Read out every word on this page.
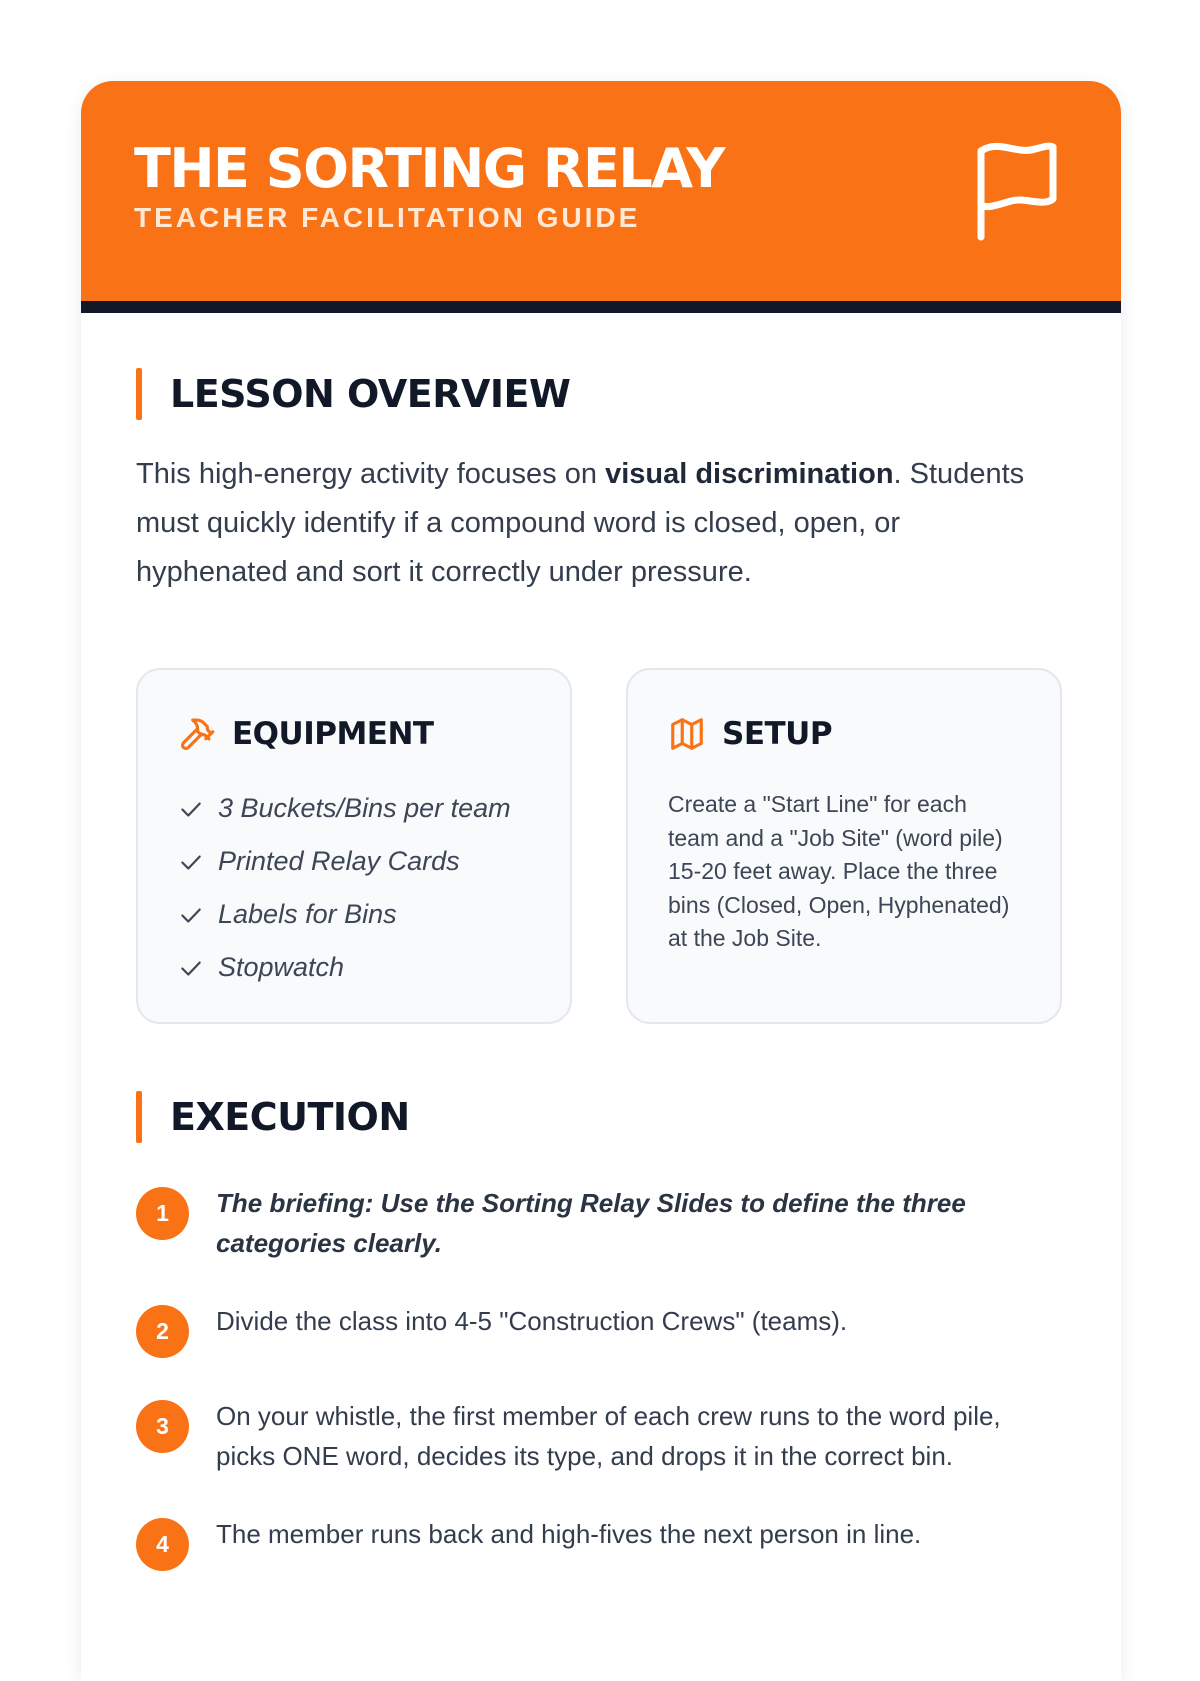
THE SORTING RELAY
TEACHER FACILITATION GUIDE
LESSON OVERVIEW

This high-energy activity focuses on visual discrimination. Students must quickly identify if a compound word is closed, open, or hyphenated and sort it correctly under pressure.

EQUIPMENT
3 Buckets/Bins per team
Printed Relay Cards
Labels for Bins
Stopwatch
SETUP

Create a "Start Line" for each team and a "Job Site" (word pile) 15-20 feet away. Place the three bins (Closed, Open, Hyphenated) at the Job Site.

EXECUTION
1	The briefing: Use the Sorting Relay Slides to define the three categories clearly.
2	Divide the class into 4-5 "Construction Crews" (teams).
3	On your whistle, the first member of each crew runs to the word pile, picks ONE word, decides its type, and drops it in the correct bin.
4	The member runs back and high-fives the next person in line.
